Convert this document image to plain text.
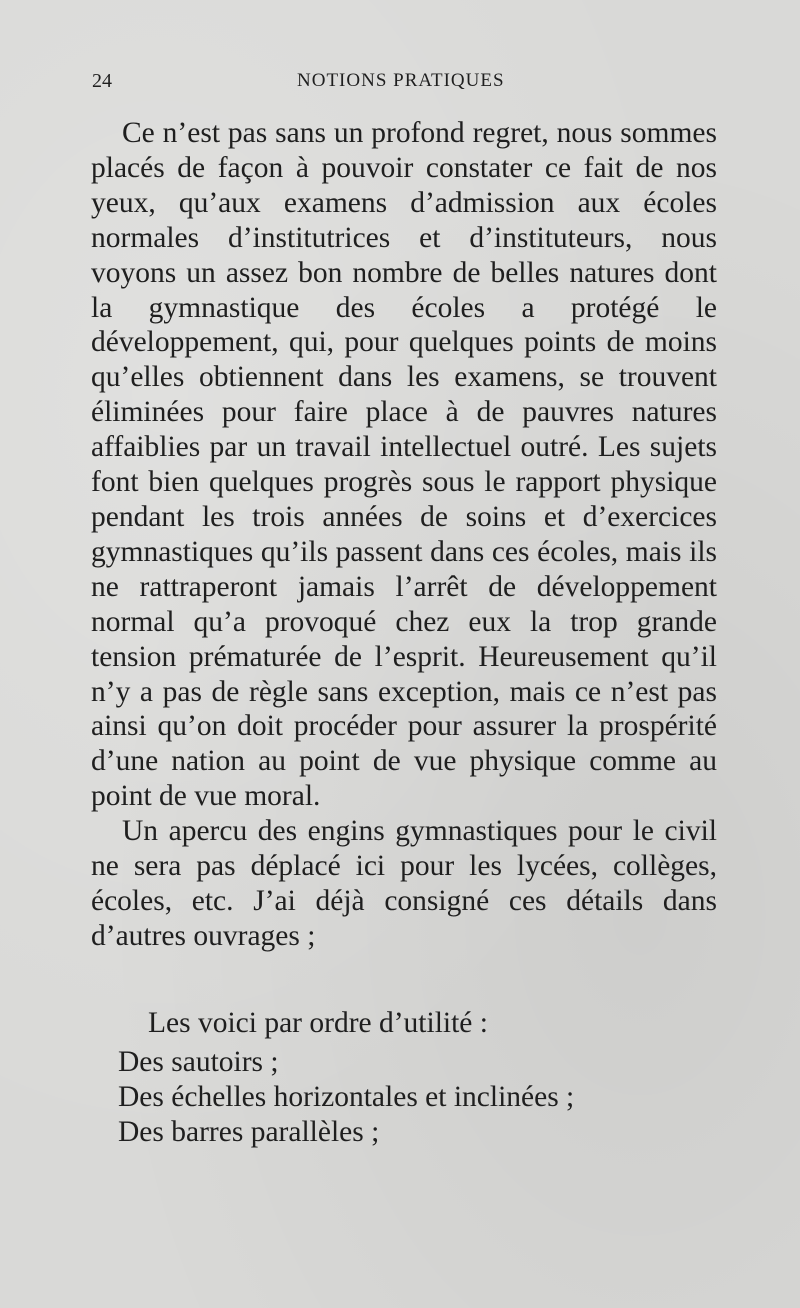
24	NOTIONS PRATIQUES

Ce n’est pas sans un profond regret, nous sommes placés de façon à pouvoir constater ce fait de nos yeux, qu’aux examens d’admission aux écoles normales d’institutrices et d’instituteurs, nous voyons un assez bon nombre de belles natures dont la gymnastique des écoles a protégé le développement, qui, pour quelques points de moins qu’elles obtiennent dans les examens, se trouvent éliminées pour faire place à de pauvres natures affaiblies par un travail intellectuel outré. Les sujets font bien quelques progrès sous le rapport physique pendant les trois années de soins et d’exercices gymnastiques qu’ils passent dans ces écoles, mais ils ne rattraperont jamais l’arrêt de développement normal qu’a provoqué chez eux la trop grande tension prématurée de l’esprit. Heureusement qu’il n’y a pas de règle sans exception, mais ce n’est pas ainsi qu’on doit procéder pour assurer la prospérité d’une nation au point de vue physique comme au point de vue moral.

Un apercu des engins gymnastiques pour le civil ne sera pas déplacé ici pour les lycées, collèges, écoles, etc. J’ai déjà consigné ces détails dans d’autres ouvrages ;

Les voici par ordre d’utilité :
Des sautoirs ;
Des échelles horizontales et inclinées ;
Des barres parallèles ;
